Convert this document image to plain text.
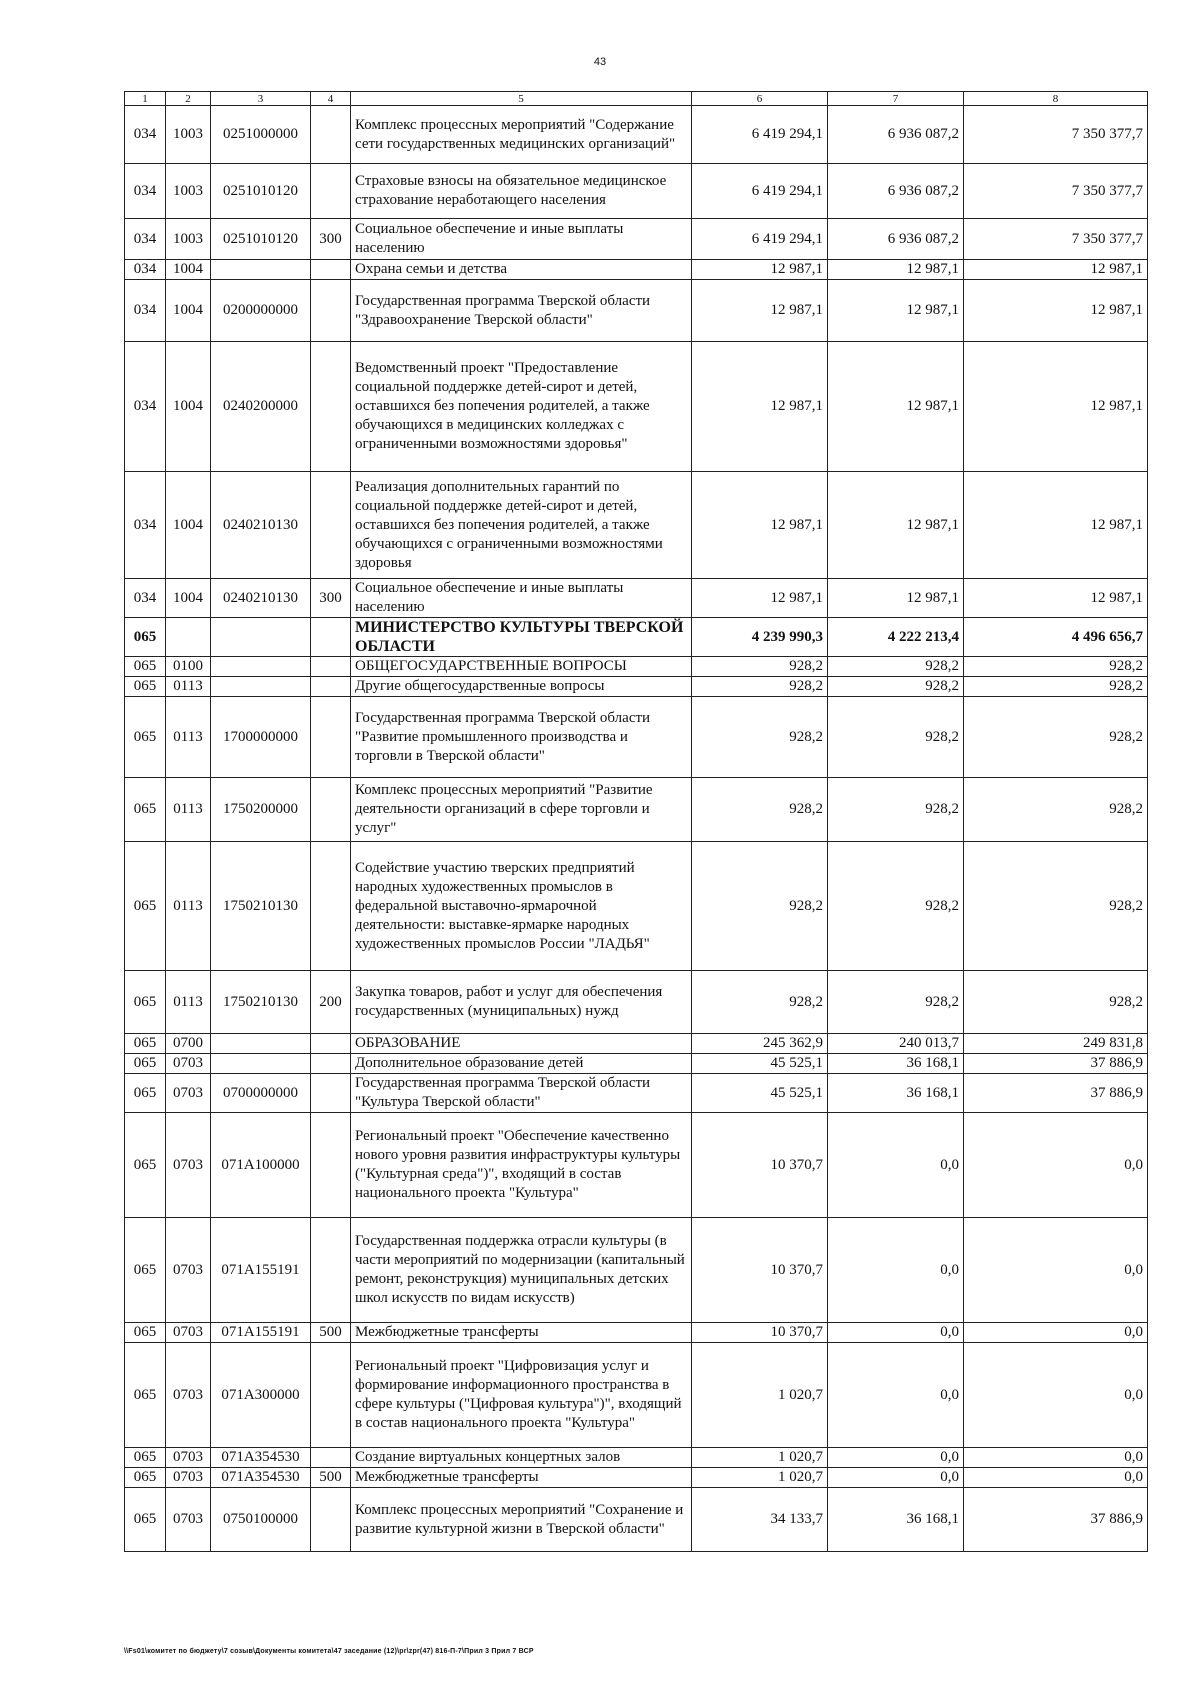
43
1	2	3	4	5	6	7	8
034	1003	0251000000		Комплекс процессных мероприятий "Содержание сети государственных медицинских организаций"	6 419 294,1	6 936 087,2	7 350 377,7
034	1003	0251010120		Страховые взносы на обязательное медицинское страхование неработающего населения	6 419 294,1	6 936 087,2	7 350 377,7
034	1003	0251010120	300	Социальное обеспечение и иные выплаты населению	6 419 294,1	6 936 087,2	7 350 377,7
034	1004			Охрана семьи и детства	12 987,1	12 987,1	12 987,1
034	1004	0200000000		Государственная программа Тверской области "Здравоохранение Тверской области"	12 987,1	12 987,1	12 987,1
034	1004	0240200000		Ведомственный проект "Предоставление социальной поддержке детей-сирот и детей, оставшихся без попечения родителей, а также обучающихся в медицинских колледжах с ограниченными возможностями здоровья"	12 987,1	12 987,1	12 987,1
034	1004	0240210130		Реализация дополнительных гарантий по социальной поддержке детей-сирот и детей, оставшихся без попечения родителей, а также обучающихся с ограниченными возможностями здоровья	12 987,1	12 987,1	12 987,1
034	1004	0240210130	300	Социальное обеспечение и иные выплаты населению	12 987,1	12 987,1	12 987,1
065				МИНИСТЕРСТВО КУЛЬТУРЫ ТВЕРСКОЙ ОБЛАСТИ	4 239 990,3	4 222 213,4	4 496 656,7
065	0100			ОБЩЕГОСУДАРСТВЕННЫЕ ВОПРОСЫ	928,2	928,2	928,2
065	0113			Другие общегосударственные вопросы	928,2	928,2	928,2
065	0113	1700000000		Государственная программа Тверской области "Развитие промышленного производства и торговли в Тверской области"	928,2	928,2	928,2
065	0113	1750200000		Комплекс процессных мероприятий "Развитие деятельности организаций в сфере торговли и услуг"	928,2	928,2	928,2
065	0113	1750210130		Содействие участию тверских предприятий народных художественных промыслов в федеральной выставочно-ярмарочной деятельности: выставке-ярмарке народных художественных промыслов России "ЛАДЬЯ"	928,2	928,2	928,2
065	0113	1750210130	200	Закупка товаров, работ и услуг для обеспечения государственных (муниципальных) нужд	928,2	928,2	928,2
065	0700			ОБРАЗОВАНИЕ	245 362,9	240 013,7	249 831,8
065	0703			Дополнительное образование детей	45 525,1	36 168,1	37 886,9
065	0703	0700000000		Государственная программа Тверской области "Культура Тверской области"	45 525,1	36 168,1	37 886,9
065	0703	071A100000		Региональный проект "Обеспечение качественно нового уровня развития инфраструктуры культуры ("Культурная среда")", входящий в состав национального проекта "Культура"	10 370,7	0,0	0,0
065	0703	071A155191		Государственная поддержка отрасли культуры (в части мероприятий по модернизации (капитальный ремонт, реконструкция) муниципальных детских школ искусств по видам искусств)	10 370,7	0,0	0,0
065	0703	071A155191	500	Межбюджетные трансферты	10 370,7	0,0	0,0
065	0703	071A300000		Региональный проект "Цифровизация услуг и формирование информационного пространства в сфере культуры ("Цифровая культура")", входящий в состав национального проекта "Культура"	1 020,7	0,0	0,0
065	0703	071A354530		Создание виртуальных концертных залов	1 020,7	0,0	0,0
065	0703	071A354530	500	Межбюджетные трансферты	1 020,7	0,0	0,0
065	0703	0750100000		Комплекс процессных мероприятий "Сохранение и развитие культурной жизни в Тверской области"	34 133,7	36 168,1	37 886,9
\\Fs01\комитет по бюджету\7 созыв\Документы комитета\47 заседание (12)\pr\zpr(47) 816-П-7\Прил 3 Прил 7 ВСР
